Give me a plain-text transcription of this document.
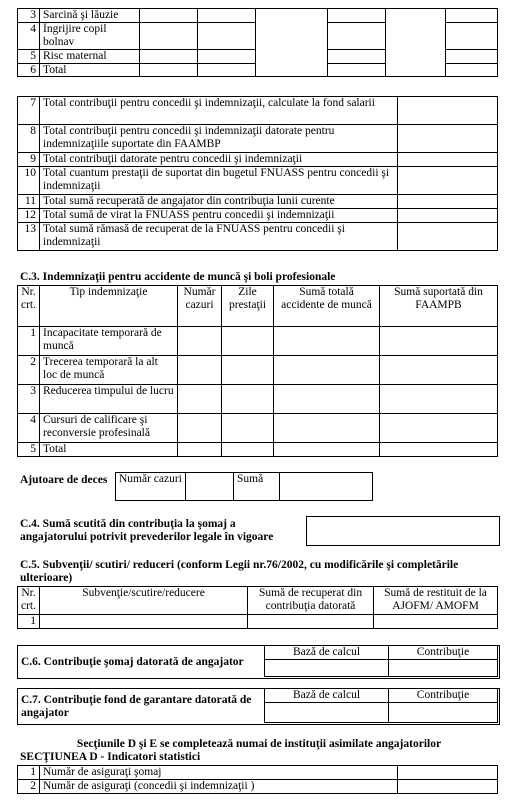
3	Sarcină şi lăuzie						
4	Îngrijire copil bolnav						
5	Risc maternal						
6	Total						
7	Total contribuţii pentru concedii şi indemnizaţii, calculate la fond salarii	
8	Total contribuţii pentru concedii şi indemnizaţii datorate pentru indemnizaţiile suportate din FAAMBP	
9	Total contribuţii datorate pentru concedii şi indemnizaţii	
10	Total cuantum prestaţii de suportat din bugetul FNUASS pentru concedii şi indemnizaţii	
11	Total sumă recuperată de angajator din contribuţia lunii curente	
12	Total sumă de virat la FNUASS pentru concedii şi indemnizaţii	
13	Total sumă rămasă de recuperat de la FNUASS pentru concedii şi indemnizaţii	
C.3. Indemnizaţii pentru accidente de muncă şi boli profesionale
Nr. crt.	Tip indemnizaţie	Număr cazuri	Zile prestaţii	Sumă totală accidente de muncă	Sumă suportată din FAAMPB
1	Incapacitate temporară de muncă				
2	Trecerea temporară la alt loc de muncă				
3	Reducerea timpului de lucru				
4	Cursuri de calificare şi reconversie profesinală				
5	Total				
Ajutoare de deces Număr cazuri		Sumă	
C.4. Sumă scutită din contribuţia la şomaj a angajatorului potrivit prevederilor legale în vigoare
C.5. Subvenţii/ scutiri/ reduceri (conform Legii nr.76/2002, cu modificările şi completările ulterioare)
Nr. crt.	Subvenţie/scutire/reducere	Sumă de recuperat din contribuţia datorată	Sumă de restituit de la AJOFM/ AMOFM
1			
C.6. Contribuţie şomaj datorată de angajator
Bază de calcul	Contribuţie

C.7. Contribuţie fond de garantare datorată de angajator
Bază de calcul	Contribuţie

Secţiunile D şi E se completează numai de instituţii asimilate angajatorilor
SECŢIUNEA D - Indicatori statistici
1	Număr de asiguraţi şomaj	
2	Număr de asiguraţi (concedii şi indemnizaţii )	
